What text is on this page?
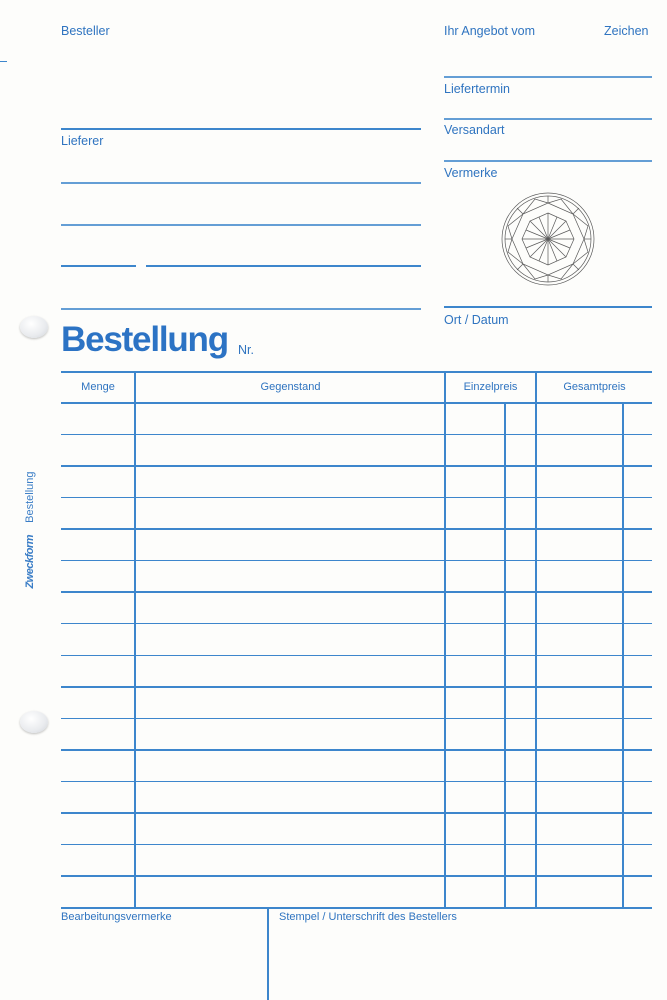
Zweckform  Bestellung
Besteller
Lieferer
Ihr Angebot vom	Zeichen
Liefertermin
Versandart
Vermerke
Ort / Datum
Bestellung Nr.
Menge	Gegenstand	Einzelpreis	Gesamtpreis
Bearbeitungsvermerke	Stempel / Unterschrift des Bestellers
